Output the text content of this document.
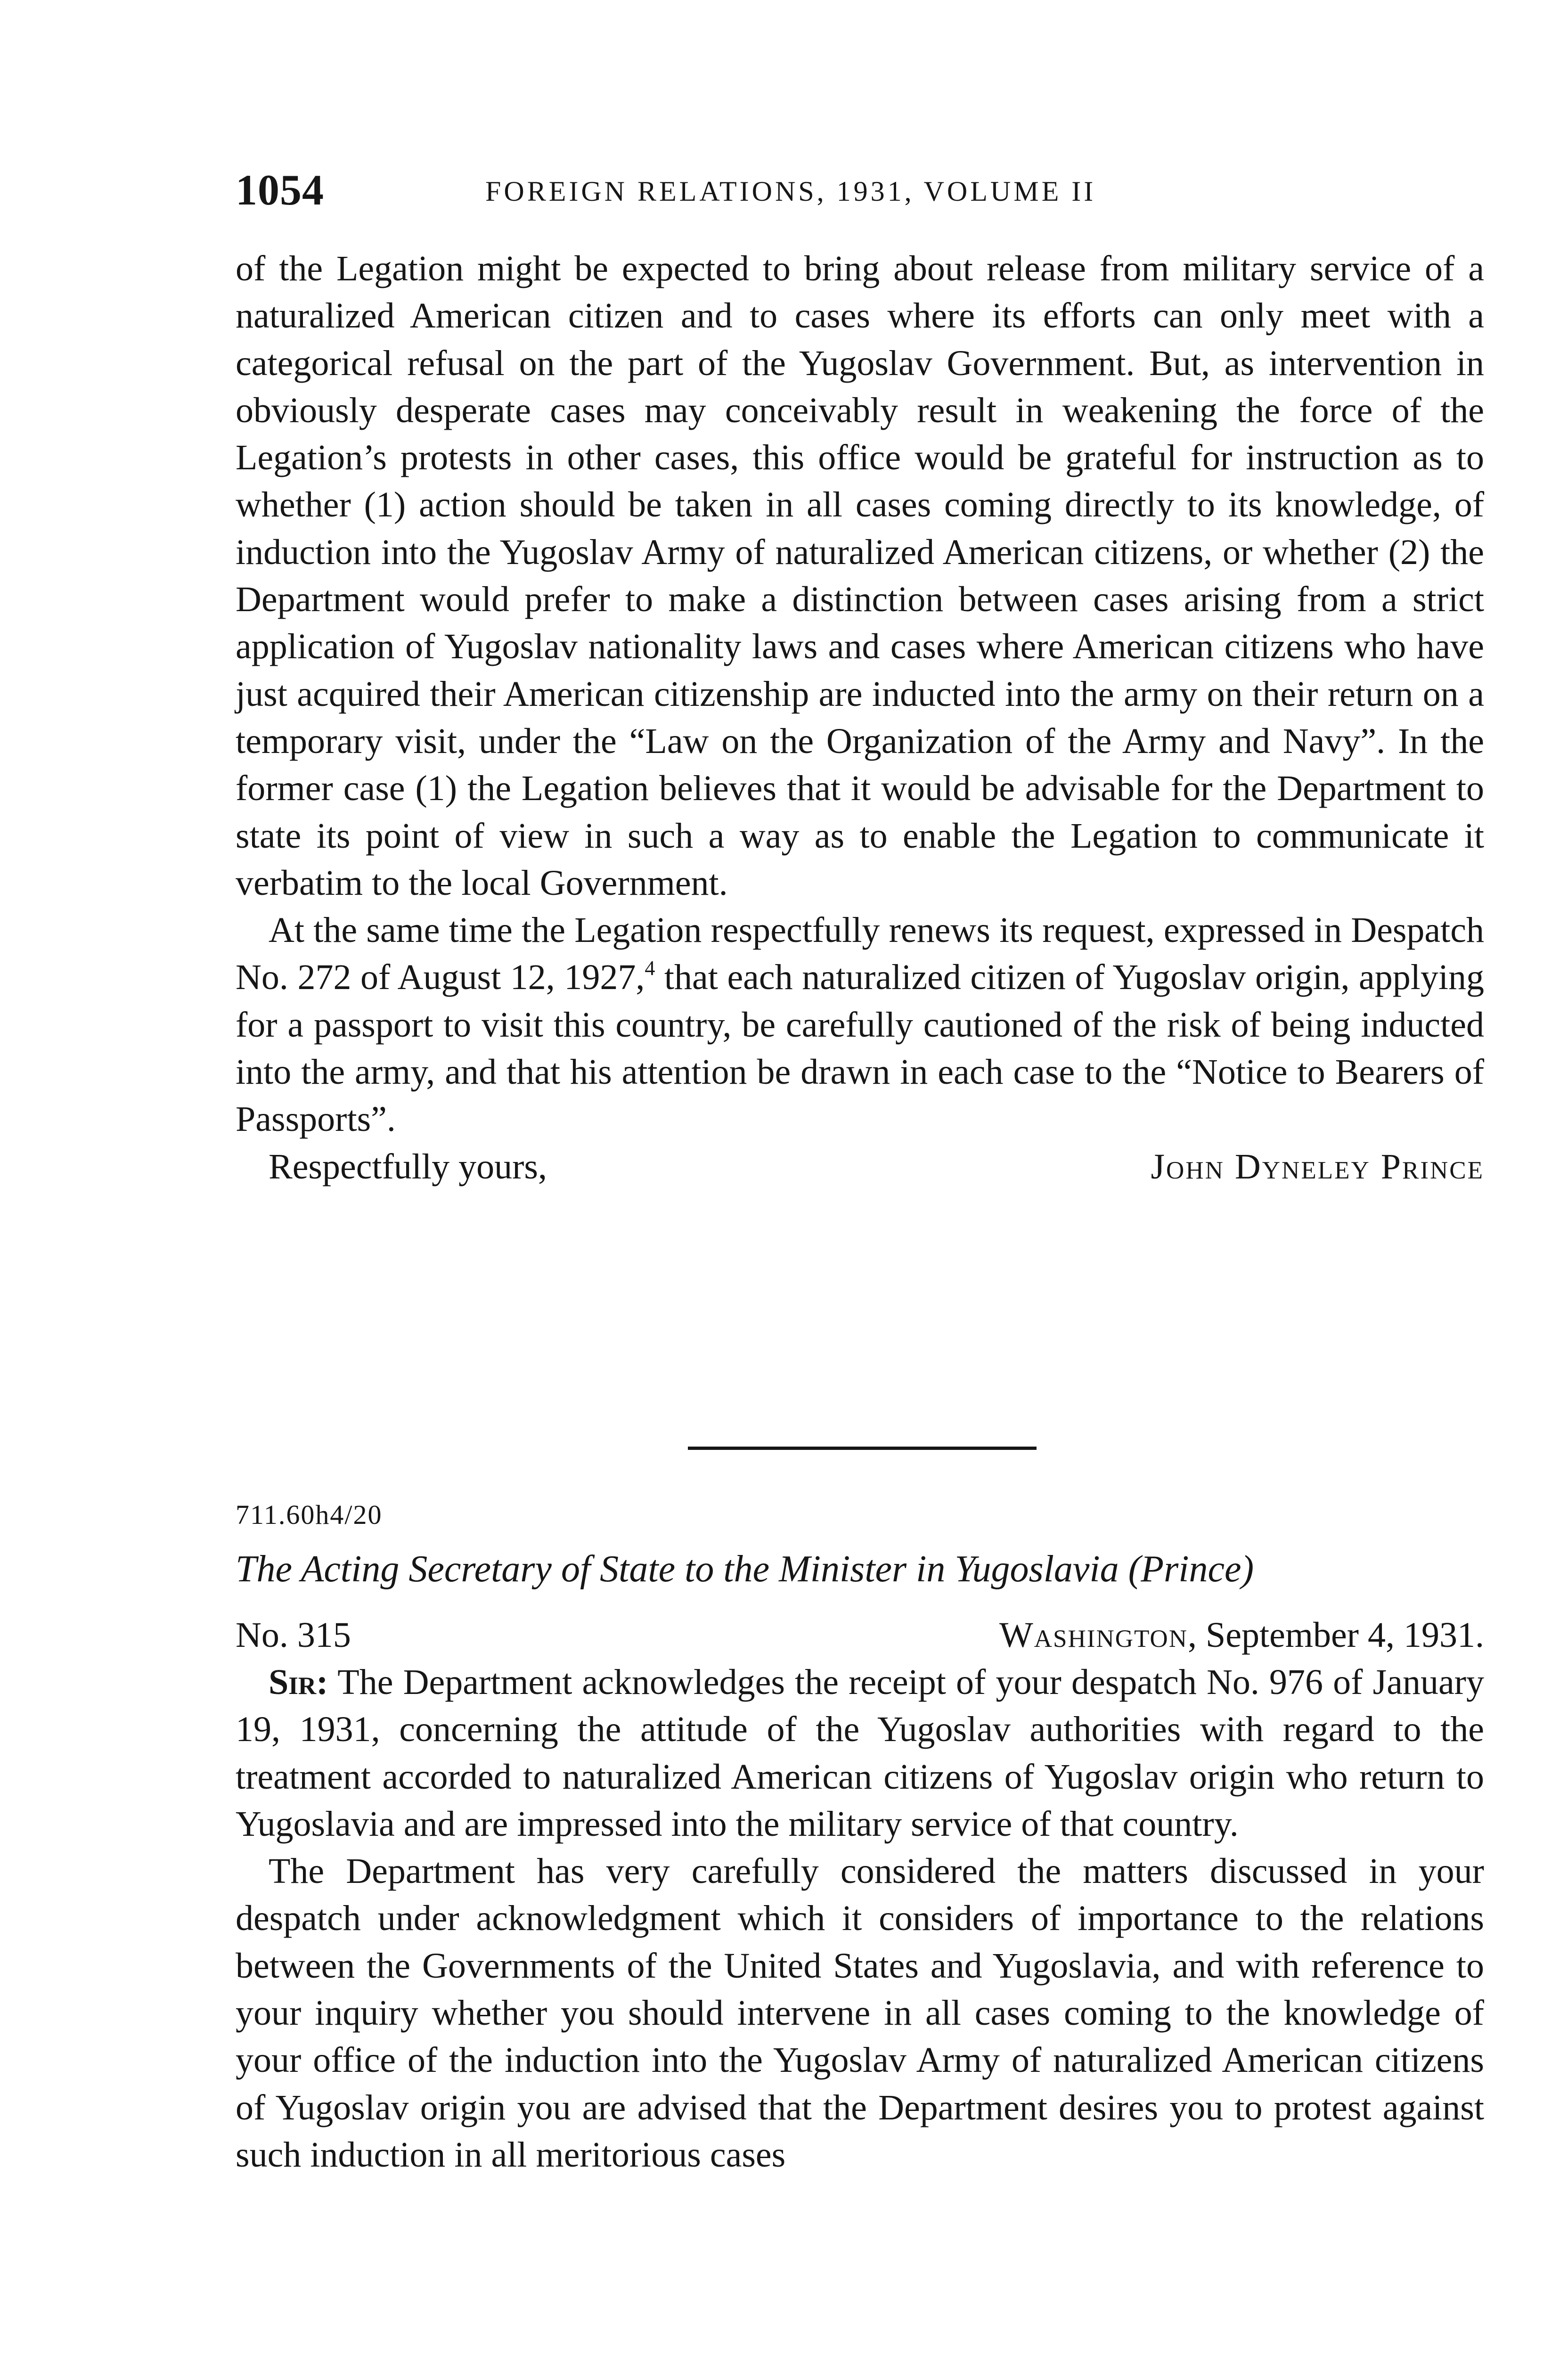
1054	FOREIGN RELATIONS, 1931, VOLUME II

of the Legation might be expected to bring about release from military service of a naturalized American citizen and to cases where its efforts can only meet with a categorical refusal on the part of the Yugoslav Government. But, as intervention in obviously desperate cases may conceivably result in weakening the force of the Legation’s protests in other cases, this office would be grateful for instruction as to whether (1) action should be taken in all cases coming directly to its knowledge, of induction into the Yugoslav Army of naturalized American citizens, or whether (2) the Department would prefer to make a distinction between cases arising from a strict application of Yugoslav nationality laws and cases where American citizens who have just acquired their American citizenship are inducted into the army on their return on a temporary visit, under the “Law on the Organization of the Army and Navy”. In the former case (1) the Legation believes that it would be advisable for the Department to state its point of view in such a way as to enable the Legation to communicate it verbatim to the local Government.

At the same time the Legation respectfully renews its request, expressed in Despatch No. 272 of August 12, 1927,$^4$ that each naturalized citizen of Yugoslav origin, applying for a passport to visit this country, be carefully cautioned of the risk of being inducted into the army, and that his attention be drawn in each case to the “Notice to Bearers of Passports”.

Respectfully yours,	John Dyneley Prince
711.60h4/20
The Acting Secretary of State to the Minister in Yugoslavia (Prince)
No. 315	Washington, September 4, 1931.

Sir: The Department acknowledges the receipt of your despatch No. 976 of January 19, 1931, concerning the attitude of the Yugoslav authorities with regard to the treatment accorded to naturalized American citizens of Yugoslav origin who return to Yugoslavia and are impressed into the military service of that country.

The Department has very carefully considered the matters discussed in your despatch under acknowledgment which it considers of importance to the relations between the Governments of the United States and Yugoslavia, and with reference to your inquiry whether you should intervene in all cases coming to the knowledge of your office of the induction into the Yugoslav Army of naturalized American citizens of Yugoslav origin you are advised that the Department desires you to protest against such induction in all meritorious cases
